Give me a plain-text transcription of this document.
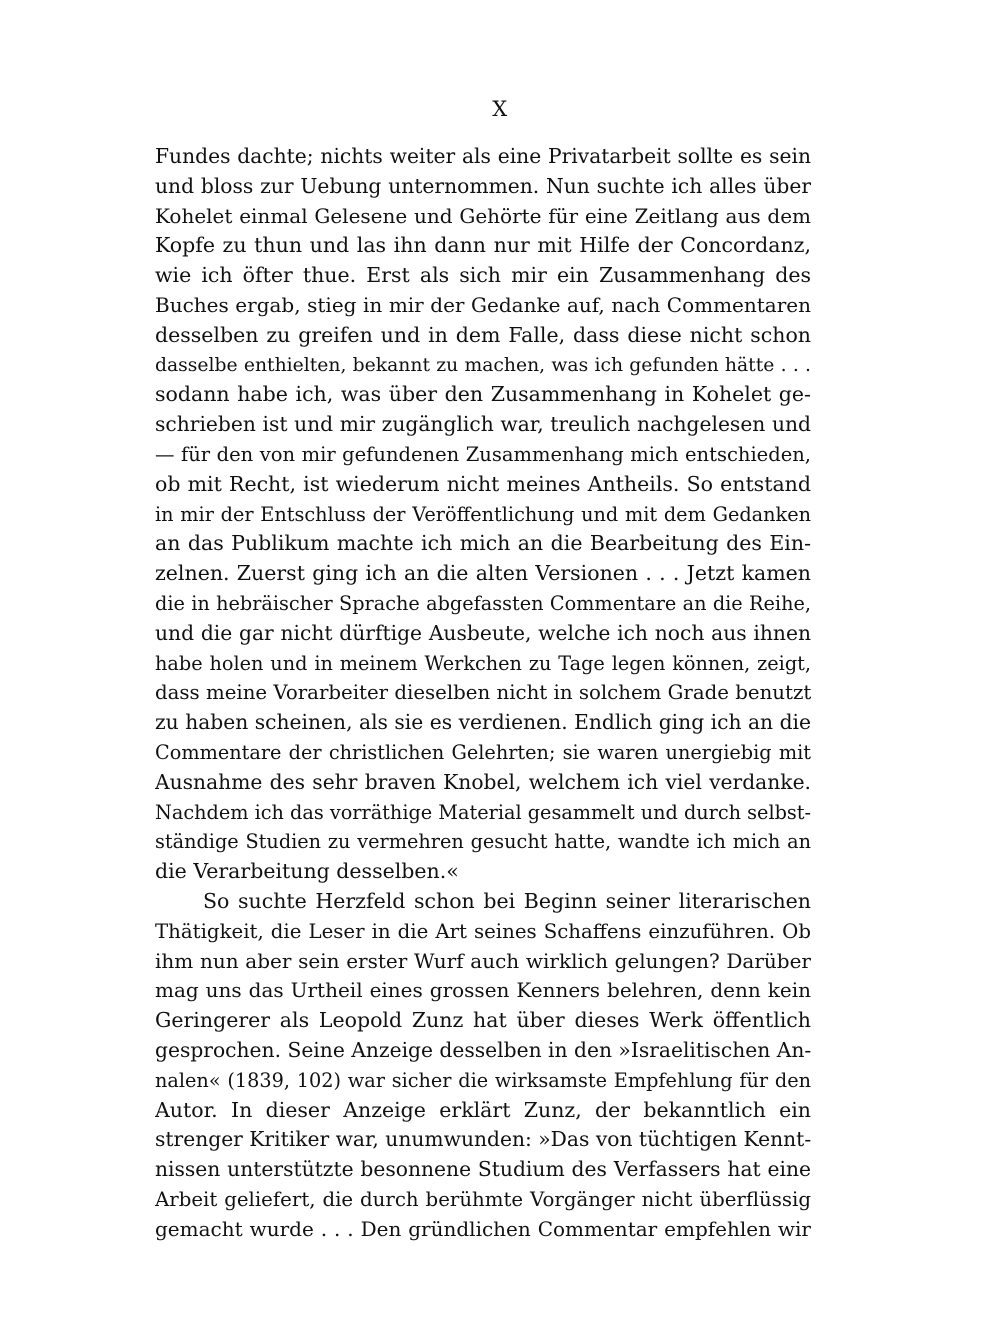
X
Fundes dachte; nichts weiter als eine Privatarbeit sollte es sein
und bloss zur Uebung unternommen. Nun suchte ich alles über
Kohelet einmal Gelesene und Gehörte für eine Zeitlang aus dem
Kopfe zu thun und las ihn dann nur mit Hilfe der Concordanz,
wie ich öfter thue. Erst als sich mir ein Zusammenhang des
Buches ergab, stieg in mir der Gedanke auf, nach Commentaren
desselben zu greifen und in dem Falle, dass diese nicht schon
dasselbe enthielten, bekannt zu machen, was ich gefunden hätte . . .
sodann habe ich, was über den Zusammenhang in Kohelet ge-
schrieben ist und mir zugänglich war, treulich nachgelesen und
— für den von mir gefundenen Zusammenhang mich entschieden,
ob mit Recht, ist wiederum nicht meines Antheils. So entstand
in mir der Entschluss der Veröffentlichung und mit dem Gedanken
an das Publikum machte ich mich an die Bearbeitung des Ein-
zelnen. Zuerst ging ich an die alten Versionen . . . Jetzt kamen
die in hebräischer Sprache abgefassten Commentare an die Reihe,
und die gar nicht dürftige Ausbeute, welche ich noch aus ihnen
habe holen und in meinem Werkchen zu Tage legen können, zeigt,
dass meine Vorarbeiter dieselben nicht in solchem Grade benutzt
zu haben scheinen, als sie es verdienen. Endlich ging ich an die
Commentare der christlichen Gelehrten; sie waren unergiebig mit
Ausnahme des sehr braven Knobel, welchem ich viel verdanke.
Nachdem ich das vorräthige Material gesammelt und durch selbst-
ständige Studien zu vermehren gesucht hatte, wandte ich mich an
die Verarbeitung desselben.«
So suchte Herzfeld schon bei Beginn seiner literarischen
Thätigkeit, die Leser in die Art seines Schaffens einzuführen. Ob
ihm nun aber sein erster Wurf auch wirklich gelungen? Darüber
mag uns das Urtheil eines grossen Kenners belehren, denn kein
Geringerer als Leopold Zunz hat über dieses Werk öffentlich
gesprochen. Seine Anzeige desselben in den »Israelitischen An-
nalen« (1839, 102) war sicher die wirksamste Empfehlung für den
Autor. In dieser Anzeige erklärt Zunz, der bekanntlich ein
strenger Kritiker war, unumwunden: »Das von tüchtigen Kennt-
nissen unterstützte besonnene Studium des Verfassers hat eine
Arbeit geliefert, die durch berühmte Vorgänger nicht überflüssig
gemacht wurde . . . Den gründlichen Commentar empfehlen wir
